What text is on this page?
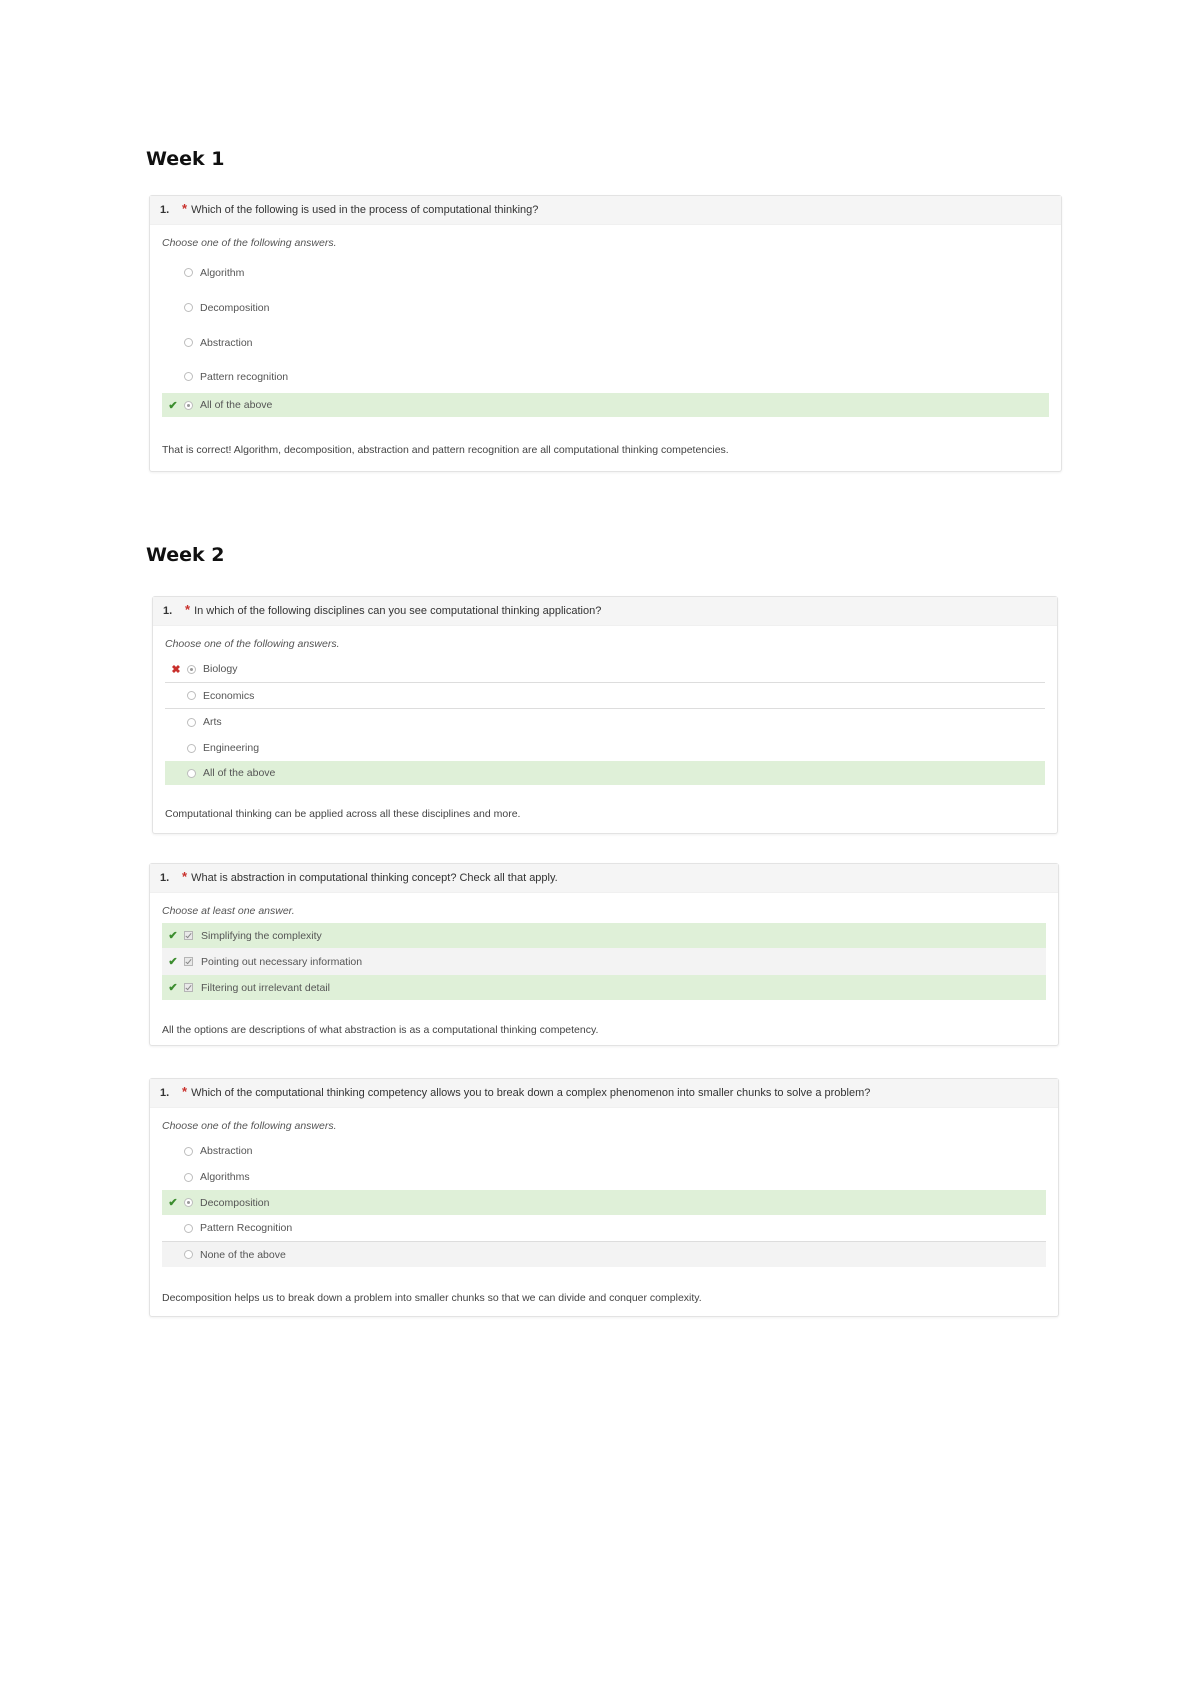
Week 1
1. * Which of the following is used in the process of computational thinking?
Choose one of the following answers.
Algorithm
Decomposition
Abstraction
Pattern recognition
✔	All of the above
That is correct! Algorithm, decomposition, abstraction and pattern recognition are all computational thinking competencies.
Week 2
1. * In which of the following disciplines can you see computational thinking application?
Choose one of the following answers.
✖	Biology
Economics
Arts
Engineering
All of the above
Computational thinking can be applied across all these disciplines and more.
1. * What is abstraction in computational thinking concept? Check all that apply.
Choose at least one answer.
✔	Simplifying the complexity
✔	Pointing out necessary information
✔	Filtering out irrelevant detail
All the options are descriptions of what abstraction is as a computational thinking competency.
1. * Which of the computational thinking competency allows you to break down a complex phenomenon into smaller chunks to solve a problem?
Choose one of the following answers.
Abstraction
Algorithms
✔	Decomposition
Pattern Recognition
None of the above
Decomposition helps us to break down a problem into smaller chunks so that we can divide and conquer complexity.
